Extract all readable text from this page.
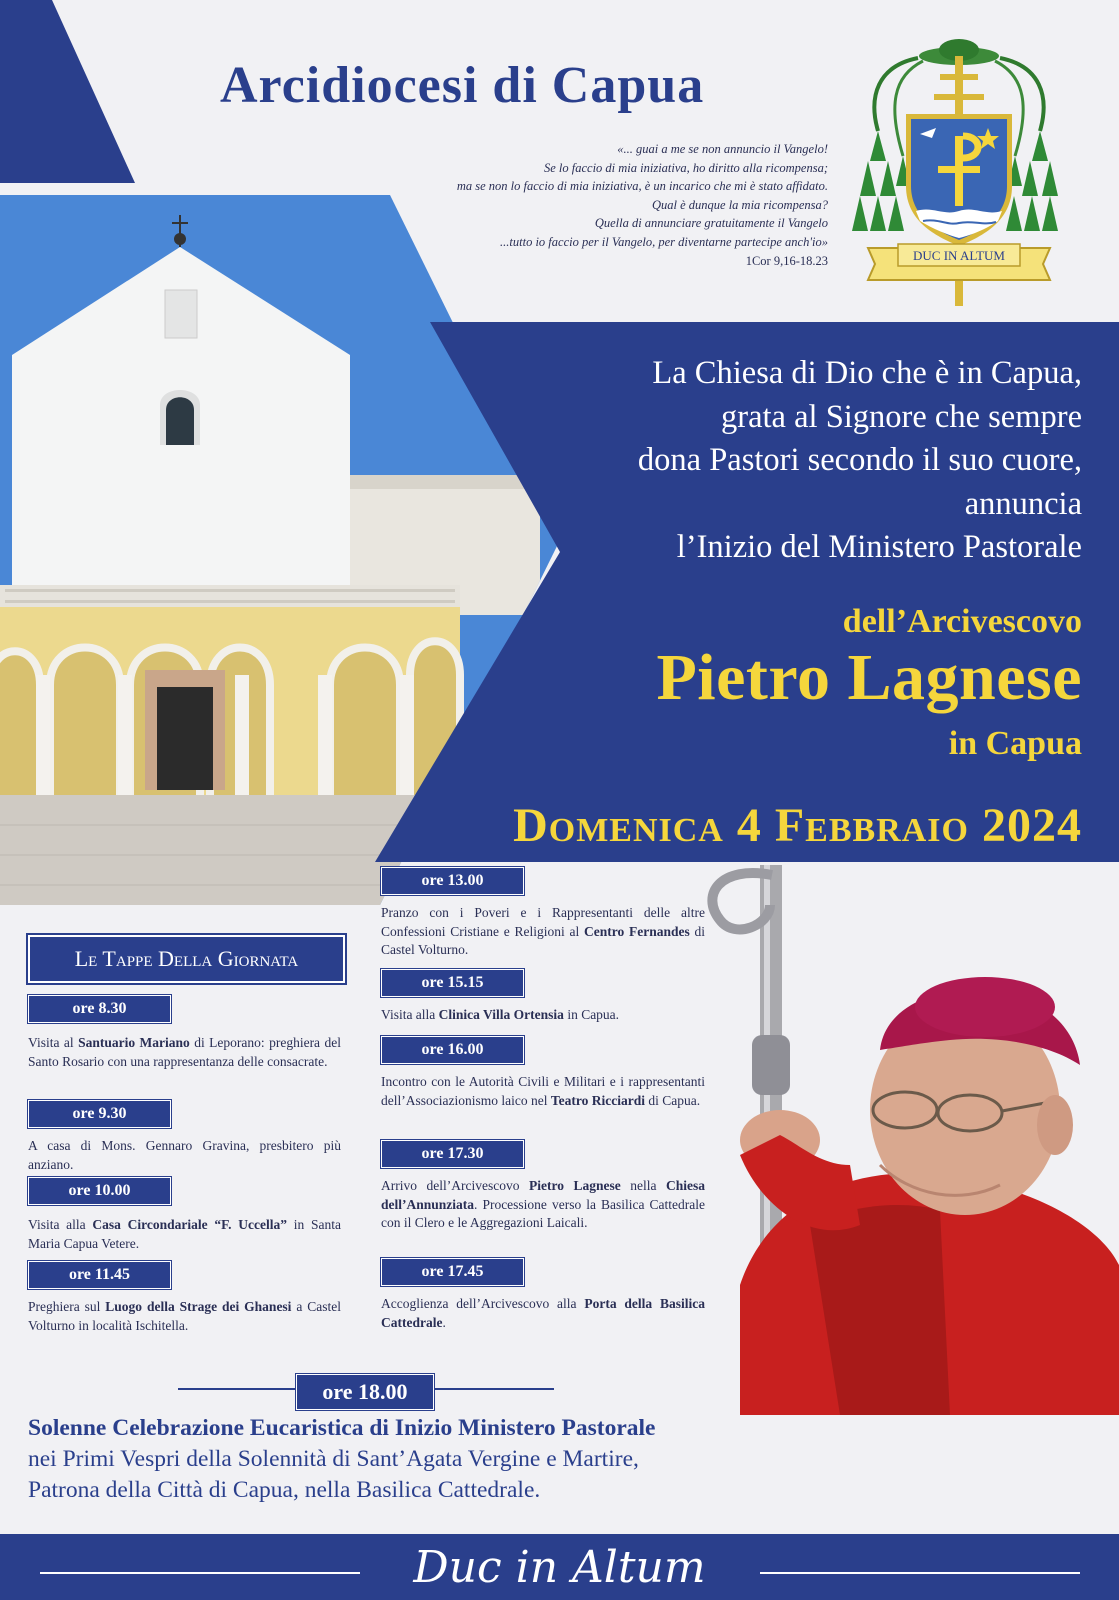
Arcidiocesi di Capua
«... guai a me se non annuncio il Vangelo!
Se lo faccio di mia iniziativa, ho diritto alla ricompensa;
ma se non lo faccio di mia iniziativa, è un incarico che mi è stato affidato.
Qual è dunque la mia ricompensa?
Quella di annunciare gratuitamente il Vangelo
...tutto io faccio per il Vangelo, per diventarne partecipe anch'io»
1Cor 9,16-18.23	DUC IN ALTUM
La Chiesa di Dio che è in Capua,
grata al Signore che sempre
dona Pastori secondo il suo cuore,
annuncia
l’Inizio del Ministero Pastorale
dell’Arcivescovo
Pietro Lagnese
in Capua
Domenica 4 Febbraio 2024
Le Tappe Della Giornata
ore 8.30
Visita al Santuario Mariano di Leporano: preghiera del Santo Rosario con una rappresentanza delle consacrate.
ore 9.30
A casa di Mons. Gennaro Gravina, presbitero più anziano.
ore 10.00
Visita alla Casa Circondariale “F. Uccella” in Santa Maria Capua Vetere.
ore 11.45
Preghiera sul Luogo della Strage dei Ghanesi a Castel Volturno in località Ischitella.
ore 13.00
Pranzo con i Poveri e i Rappresentanti delle altre Confessioni Cristiane e Religioni al Centro Fernandes di Castel Volturno.
ore 15.15
Visita alla Clinica Villa Ortensia in Capua.
ore 16.00
Incontro con le Autorità Civili e Militari e i rappresentanti dell’Associazionismo laico nel Teatro Ricciardi di Capua.
ore 17.30
Arrivo dell’Arcivescovo Pietro Lagnese nella Chiesa dell’Annunziata. Processione verso la Basilica Cattedrale con il Clero e le Aggregazioni Laicali.
ore 17.45
Accoglienza dell’Arcivescovo alla Porta della Basilica Cattedrale.
ore 18.00
Solenne Celebrazione Eucaristica di Inizio Ministero Pastorale
nei Primi Vespri della Solennità di Sant’Agata Vergine e Martire,
Patrona della Città di Capua, nella Basilica Cattedrale.
Duc in Altum
